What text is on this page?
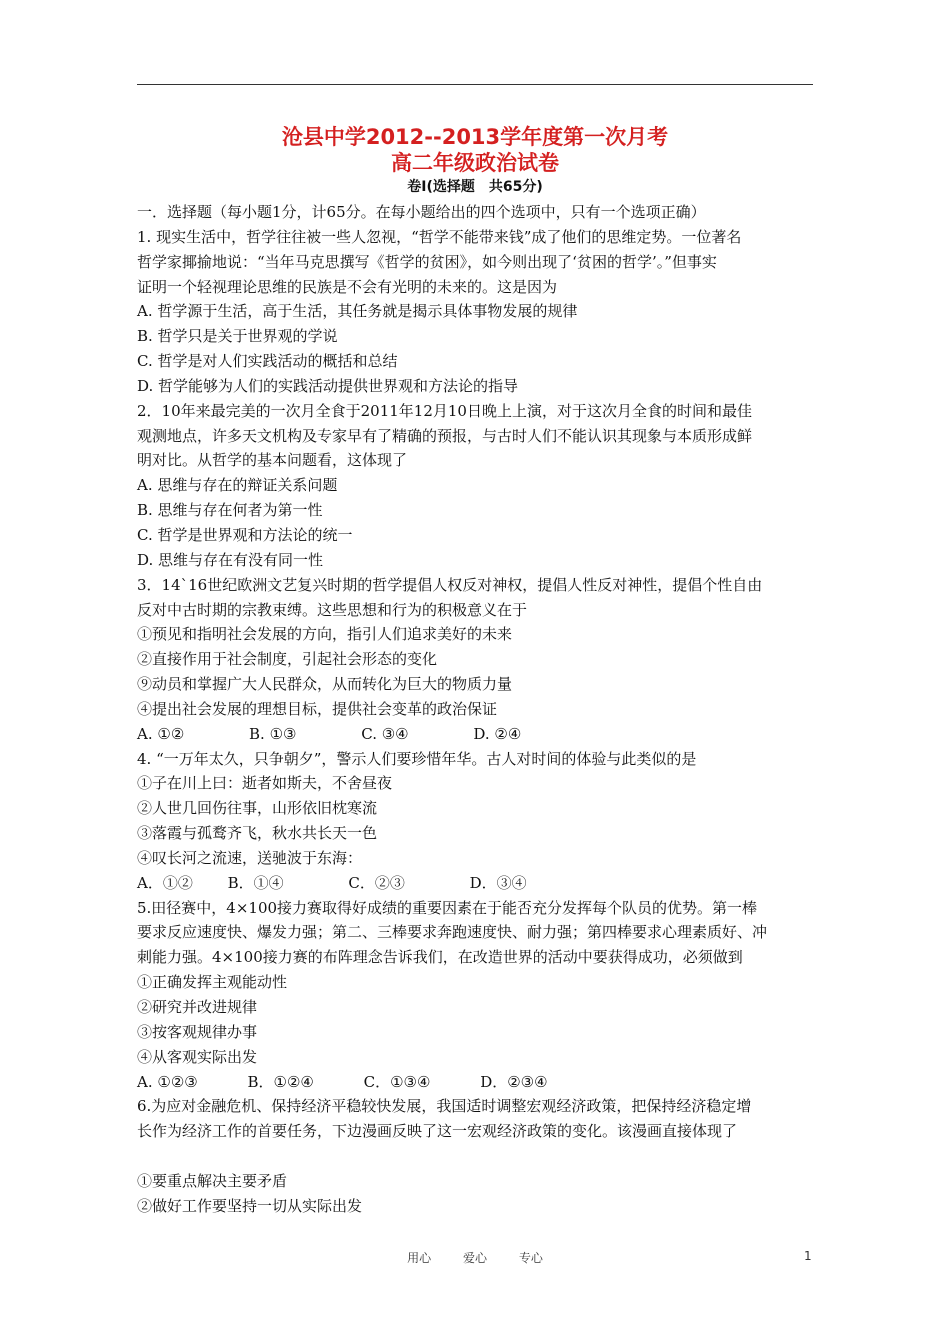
沧县中学2012--2013学年度第一次月考
高二年级政治试卷
卷Ⅰ(选择题　共65分)
一．选择题（每小题1分，计65分。在每小题给出的四个选项中，只有一个选项正确）
1. 现实生活中，哲学往往被一些人忽视，“哲学不能带来钱”成了他们的思维定势。一位著名
哲学家揶揄地说：“当年马克思撰写《哲学的贫困》，如今则出现了‘贫困的哲学’。”但事实
证明一个轻视理论思维的民族是不会有光明的未来的。这是因为
A. 哲学源于生活，高于生活，其任务就是揭示具体事物发展的规律
B. 哲学只是关于世界观的学说
C. 哲学是对人们实践活动的概括和总结
D. 哲学能够为人们的实践活动提供世界观和方法论的指导
2．10年来最完美的一次月全食于2011年12月10日晚上上演，对于这次月全食的时间和最佳
观测地点，许多天文机构及专家早有了精确的预报，与古时人们不能认识其现象与本质形成鲜
明对比。从哲学的基本问题看，这体现了
A. 思维与存在的辩证关系问题
B. 思维与存在何者为第一性
C. 哲学是世界观和方法论的统一
D. 思维与存在有没有同一性
3．14`16世纪欧洲文艺复兴时期的哲学提倡人权反对神权，提倡人性反对神性，提倡个性自由
反对中古时期的宗教束缚。这些思想和行为的积极意义在于
①预见和指明社会发展的方向，指引人们追求美好的未来
②直接作用于社会制度，引起社会形态的变化
⑨动员和掌握广大人民群众，从而转化为巨大的物质力量
④提出社会发展的理想目标，提供社会变革的政治保证
A. ①②　　　　 B. ①③　　　　 C. ③④　　　　 D. ②④
4. “一万年太久，只争朝夕”，警示人们要珍惜年华。古人对时间的体验与此类似的是
①子在川上曰：逝者如斯夫，不舍昼夜
②人世几回伤往事，山形依旧枕寒流
③落霞与孤鹜齐飞，秋水共长天一色
④叹长河之流速，送驰波于东海：
A．①②　　 B．①④　　　　 C．②③　　　　 D．③④
5.田径赛中，4×100接力赛取得好成绩的重要因素在于能否充分发挥每个队员的优势。第一棒
要求反应速度快、爆发力强；第二、三棒要求奔跑速度快、耐力强；第四棒要求心理素质好、冲
刺能力强。4×100接力赛的布阵理念告诉我们，在改造世界的活动中要获得成功，必须做到
①正确发挥主观能动性
②研究并改进规律
③按客观规律办事
④从客观实际出发
A. ①②③　　　 B．①②④　　　 C．①③④　　　 D．②③④
6.为应对金融危机、保持经济平稳较快发展，我国适时调整宏观经济政策，把保持经济稳定增
长作为经济工作的首要任务，下边漫画反映了这一宏观经济政策的变化。该漫画直接体现了
①要重点解决主要矛盾
②做好工作要坚持一切从实际出发
用心	爱心	专心	1
